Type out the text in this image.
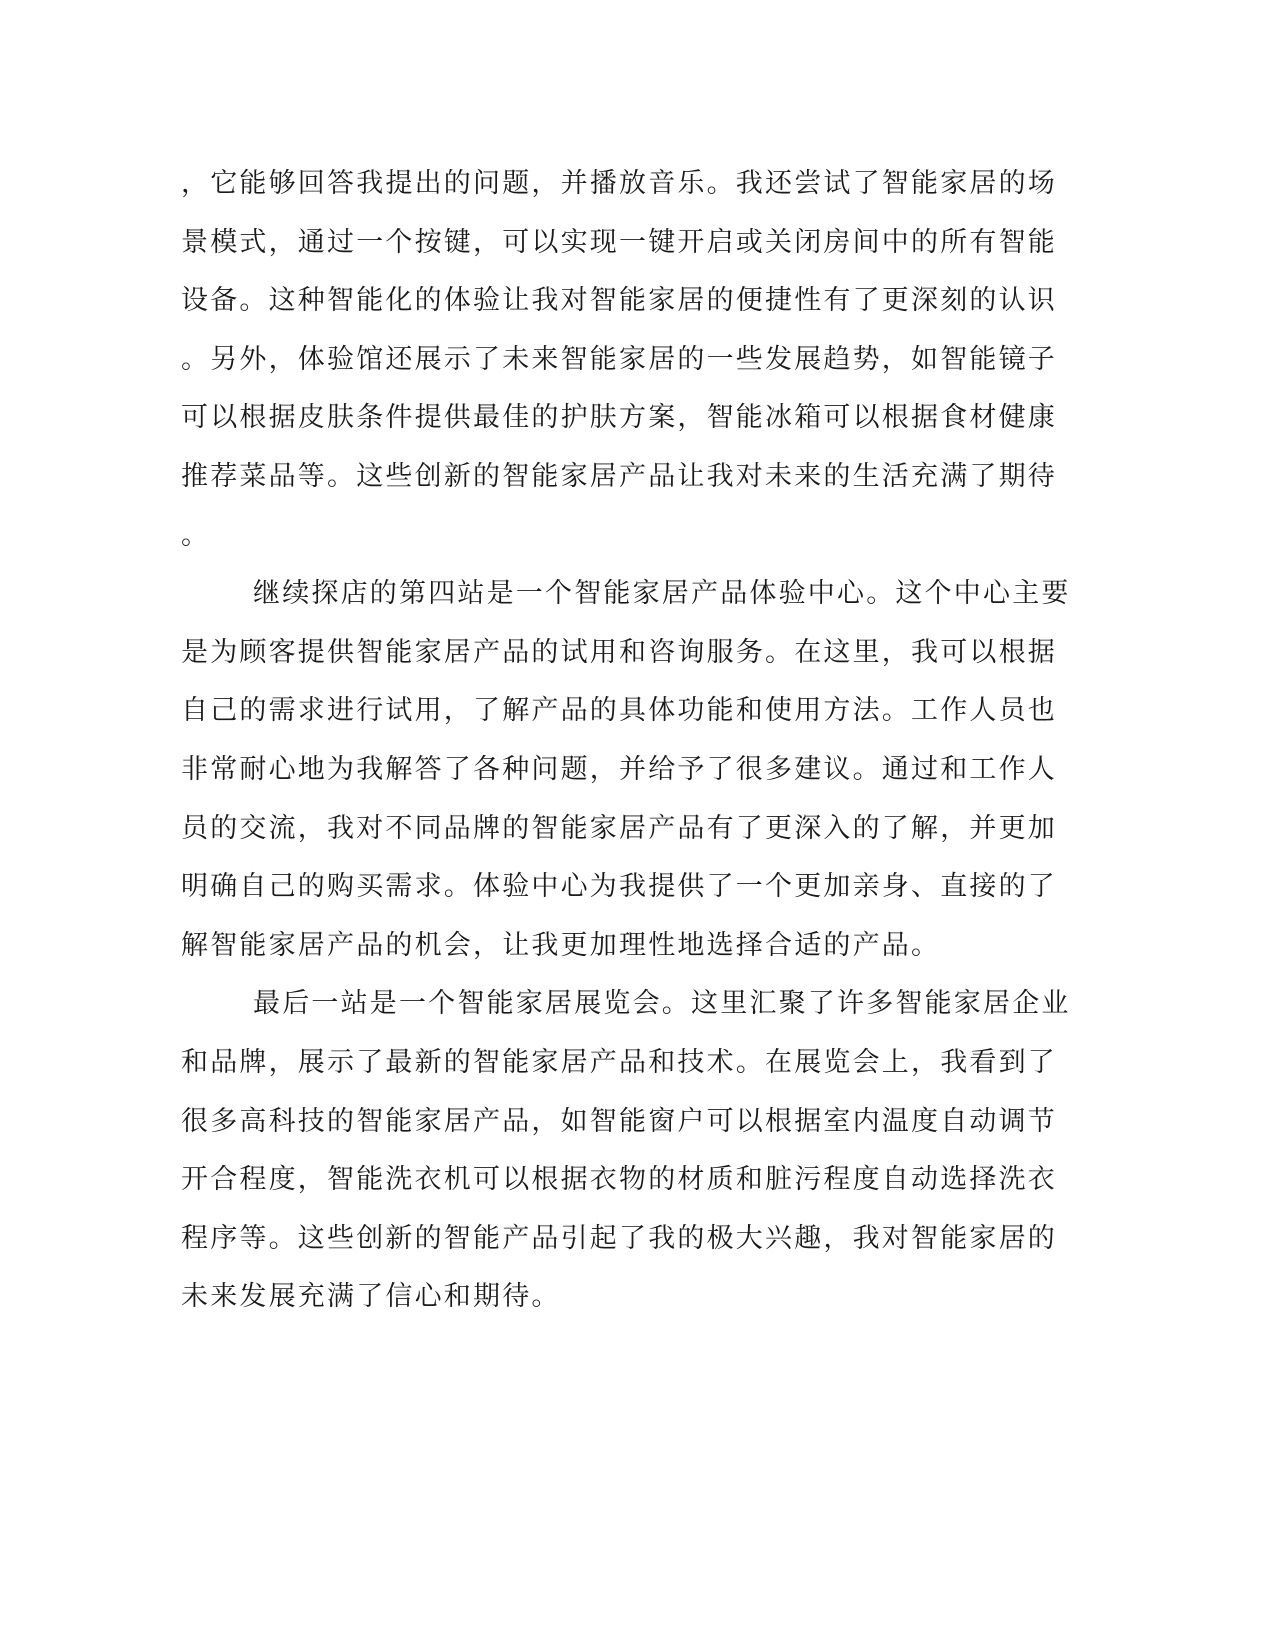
，它能够回答我提出的问题，并播放音乐。我还尝试了智能家居的场
景模式，通过一个按键，可以实现一键开启或关闭房间中的所有智能
设备。这种智能化的体验让我对智能家居的便捷性有了更深刻的认识
。另外，体验馆还展示了未来智能家居的一些发展趋势，如智能镜子
可以根据皮肤条件提供最佳的护肤方案，智能冰箱可以根据食材健康
推荐菜品等。这些创新的智能家居产品让我对未来的生活充满了期待
。
继续探店的第四站是一个智能家居产品体验中心。这个中心主要
是为顾客提供智能家居产品的试用和咨询服务。在这里，我可以根据
自己的需求进行试用，了解产品的具体功能和使用方法。工作人员也
非常耐心地为我解答了各种问题，并给予了很多建议。通过和工作人
员的交流，我对不同品牌的智能家居产品有了更深入的了解，并更加
明确自己的购买需求。体验中心为我提供了一个更加亲身、直接的了
解智能家居产品的机会，让我更加理性地选择合适的产品。
最后一站是一个智能家居展览会。这里汇聚了许多智能家居企业
和品牌，展示了最新的智能家居产品和技术。在展览会上，我看到了
很多高科技的智能家居产品，如智能窗户可以根据室内温度自动调节
开合程度，智能洗衣机可以根据衣物的材质和脏污程度自动选择洗衣
程序等。这些创新的智能产品引起了我的极大兴趣，我对智能家居的
未来发展充满了信心和期待。
